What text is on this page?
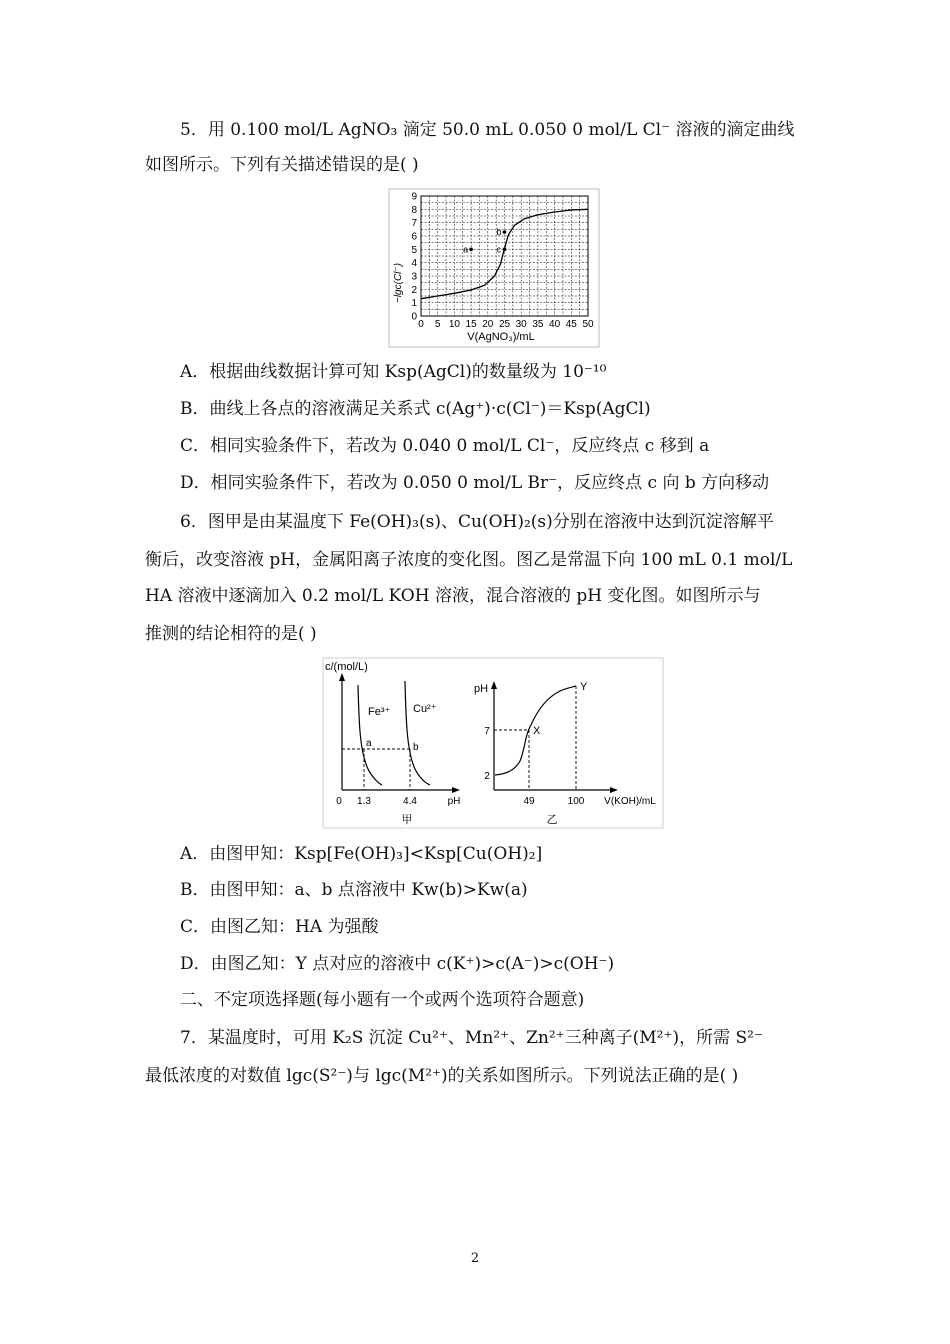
5．用 0.100 mol/L AgNO₃ 滴定 50.0 mL 0.050 0 mol/L Cl⁻ 溶液的滴定曲线
如图所示。下列有关描述错误的是( )
0 5 10 15 20 25 30 35 40 45 50
0
1
2
3
4
5
6
7
8
9
a
b
c
−lgc(Cl⁻)
V(AgNO₃)/mL
A．根据曲线数据计算可知 Ksp(AgCl)的数量级为 10⁻¹⁰
B．曲线上各点的溶液满足关系式 c(Ag⁺)·c(Cl⁻)＝Ksp(AgCl)
C．相同实验条件下，若改为 0.040 0 mol/L Cl⁻，反应终点 c 移到 a
D．相同实验条件下，若改为 0.050 0 mol/L Br⁻，反应终点 c 向 b 方向移动
6．图甲是由某温度下 Fe(OH)₃(s)、Cu(OH)₂(s)分别在溶液中达到沉淀溶解平
衡后，改变溶液 pH，金属阳离子浓度的变化图。图乙是常温下向 100 mL 0.1 mol/L
HA 溶液中逐滴加入 0.2 mol/L KOH 溶液，混合溶液的 pH 变化图。如图所示与
推测的结论相符的是( )
c/(mol/L)
Fe³⁺ Cu²⁺
a	b
0 1.3	4.4	pH
甲
pH
X
Y
7
2
49	100 V(KOH)/mL
乙
A．由图甲知：Ksp[Fe(OH)₃]<Ksp[Cu(OH)₂]
B．由图甲知：a、b 点溶液中 Kw(b)>Kw(a)
C．由图乙知：HA 为强酸
D．由图乙知：Y 点对应的溶液中 c(K⁺)>c(A⁻)>c(OH⁻)
二、不定项选择题(每小题有一个或两个选项符合题意)
7．某温度时，可用 K₂S 沉淀 Cu²⁺、Mn²⁺、Zn²⁺三种离子(M²⁺)，所需 S²⁻
最低浓度的对数值 lgc(S²⁻)与 lgc(M²⁺)的关系如图所示。下列说法正确的是( )
2
